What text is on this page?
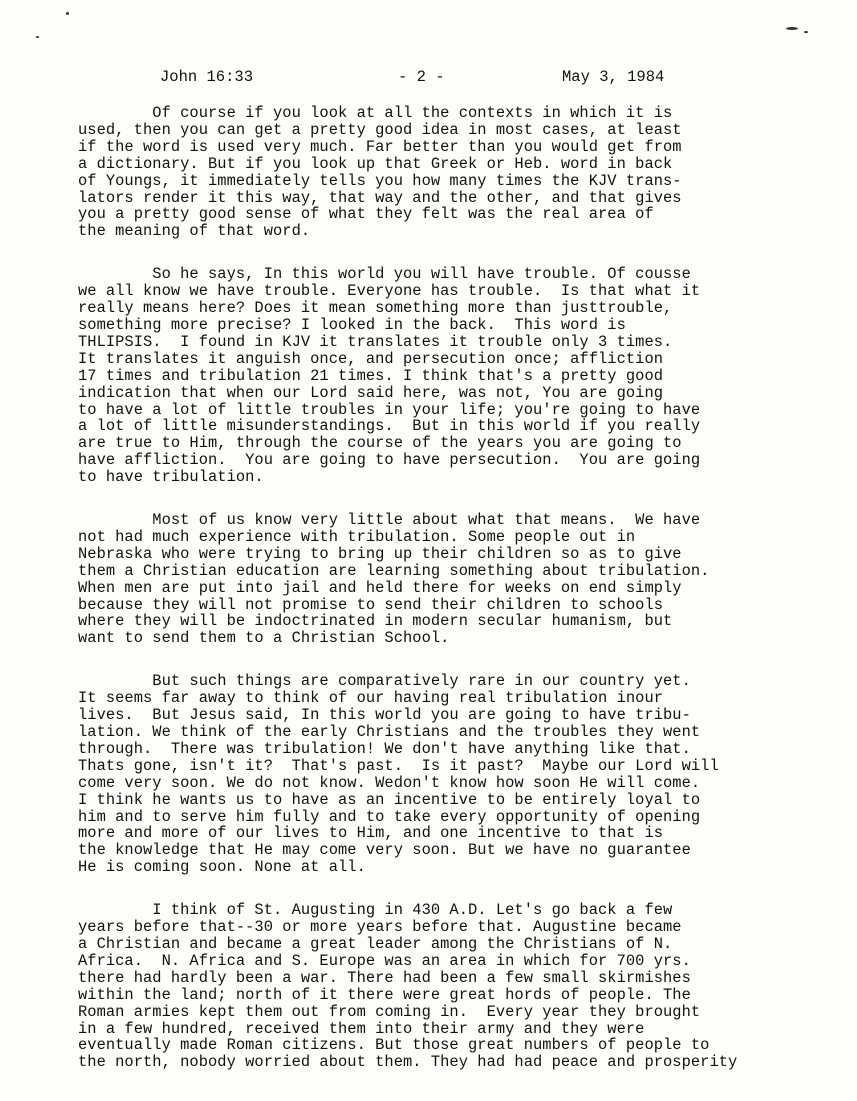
John 16:33	- 2 -	May 3, 1984
Of course if you look at all the contexts in which it is
used, then you can get a pretty good idea in most cases, at least
if the word is used very much. Far better than you would get from
a dictionary. But if you look up that Greek or Heb. word in back
of Youngs, it immediately tells you how many times the KJV trans-
lators render it this way, that way and the other, and that gives
you a pretty good sense of what they felt was the real area of
the meaning of that word.
So he says, In this world you will have trouble. Of cousse
we all know we have trouble. Everyone has trouble.  Is that what it
really means here? Does it mean something more than justtrouble,
something more precise? I looked in the back.  This word is
THLIPSIS.  I found in KJV it translates it trouble only 3 times.
It translates it anguish once, and persecution once; affliction
17 times and tribulation 21 times. I think that's a pretty good
indication that when our Lord said here, was not, You are going
to have a lot of little troubles in your life; you're going to have
a lot of little misunderstandings.  But in this world if you really
are true to Him, through the course of the years you are going to
have affliction.  You are going to have persecution.  You are going
to have tribulation.
Most of us know very little about what that means.  We have
not had much experience with tribulation. Some people out in
Nebraska who were trying to bring up their children so as to give
them a Christian education are learning something about tribulation.
When men are put into jail and held there for weeks on end simply
because they will not promise to send their children to schools
where they will be indoctrinated in modern secular humanism, but
want to send them to a Christian School.
But such things are comparatively rare in our country yet.
It seems far away to think of our having real tribulation inour
lives.  But Jesus said, In this world you are going to have tribu-
lation. We think of the early Christians and the troubles they went
through.  There was tribulation! We don't have anything like that.
Thats gone, isn't it?  That's past.  Is it past?  Maybe our Lord will
come very soon. We do not know. Wedon't know how soon He will come.
I think he wants us to have as an incentive to be entirely loyal to
him and to serve him fully and to take every opportunity of opening
more and more of our lives to Him, and one incentive to that is
the knowledge that He may come very soon. But we have no guarantee
He is coming soon. None at all.
I think of St. Augusting in 430 A.D. Let's go back a few
years before that--30 or more years before that. Augustine became
a Christian and became a great leader among the Christians of N.
Africa.  N. Africa and S. Europe was an area in which for 700 yrs.
there had hardly been a war. There had been a few small skirmishes
within the land; north of it there were great hords of people. The
Roman armies kept them out from coming in.  Every year they brought
in a few hundred, received them into their army and they were
eventually made Roman citizens. But those great numbers of people to
the north, nobody worried about them. They had had peace and prosperity
